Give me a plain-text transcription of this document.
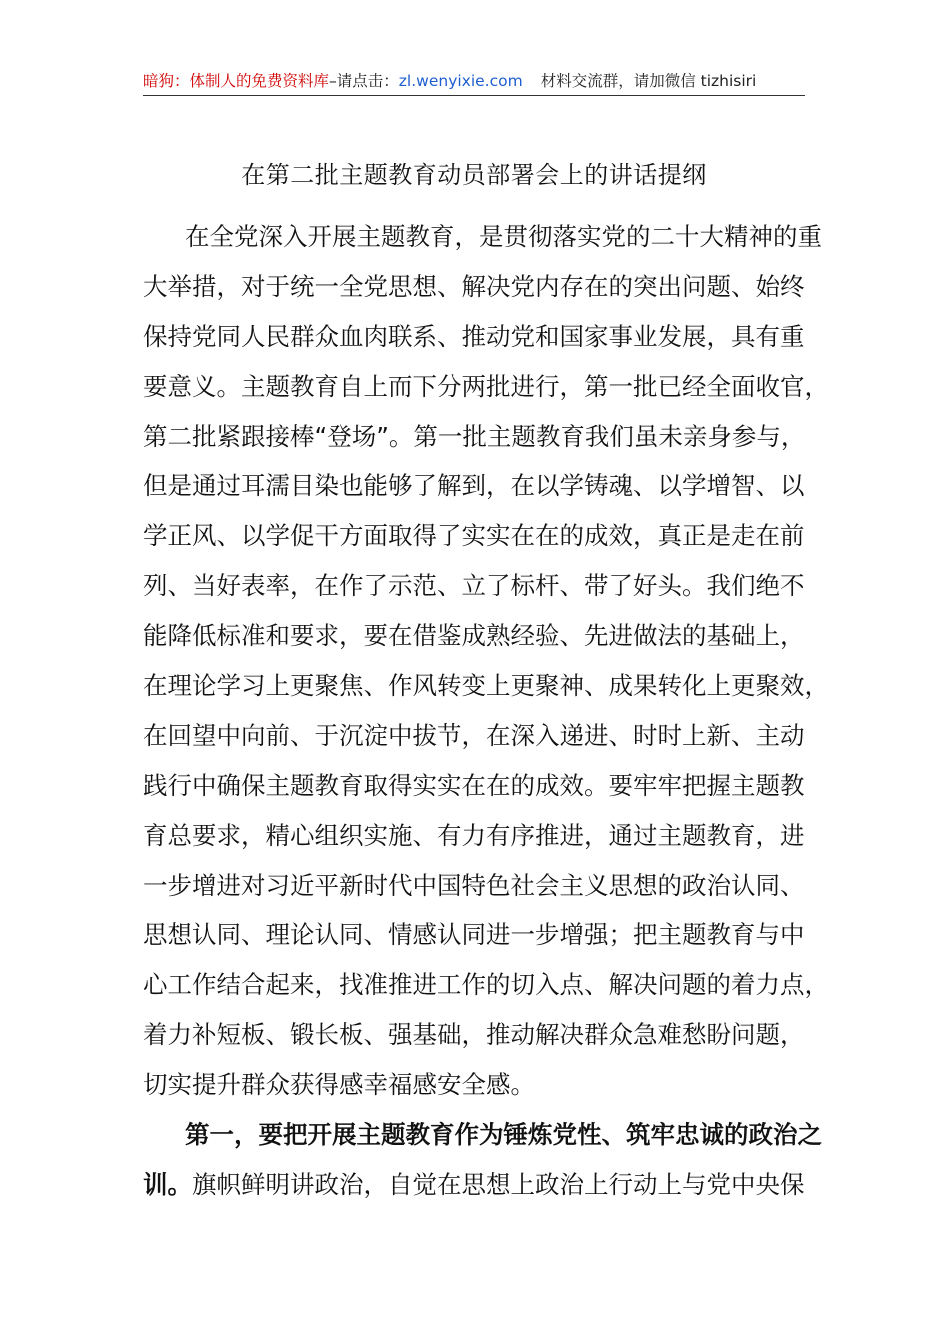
暗狗：体制人的免费资料库–请点击：zl.wenyixie.com 材料交流群，请加微信 tizhisiri
在第二批主题教育动员部署会上的讲话提纲
在全党深入开展主题教育，是贯彻落实党的二十大精神的重
大举措，对于统一全党思想、解决党内存在的突出问题、始终
保持党同人民群众血肉联系、推动党和国家事业发展，具有重
要意义。主题教育自上而下分两批进行，第一批已经全面收官，
第二批紧跟接棒“登场”。第一批主题教育我们虽未亲身参与，
但是通过耳濡目染也能够了解到，在以学铸魂、以学增智、以
学正风、以学促干方面取得了实实在在的成效，真正是走在前
列、当好表率，在作了示范、立了标杆、带了好头。我们绝不
能降低标准和要求，要在借鉴成熟经验、先进做法的基础上，
在理论学习上更聚焦、作风转变上更聚神、成果转化上更聚效，
在回望中向前、于沉淀中拔节，在深入递进、时时上新、主动
践行中确保主题教育取得实实在在的成效。要牢牢把握主题教
育总要求，精心组织实施、有力有序推进，通过主题教育，进
一步增进对习近平新时代中国特色社会主义思想的政治认同、
思想认同、理论认同、情感认同进一步增强；把主题教育与中
心工作结合起来，找准推进工作的切入点、解决问题的着力点，
着力补短板、锻长板、强基础，推动解决群众急难愁盼问题，
切实提升群众获得感幸福感安全感。
第一，要把开展主题教育作为锤炼党性、筑牢忠诚的政治之
训。旗帜鲜明讲政治，自觉在思想上政治上行动上与党中央保
